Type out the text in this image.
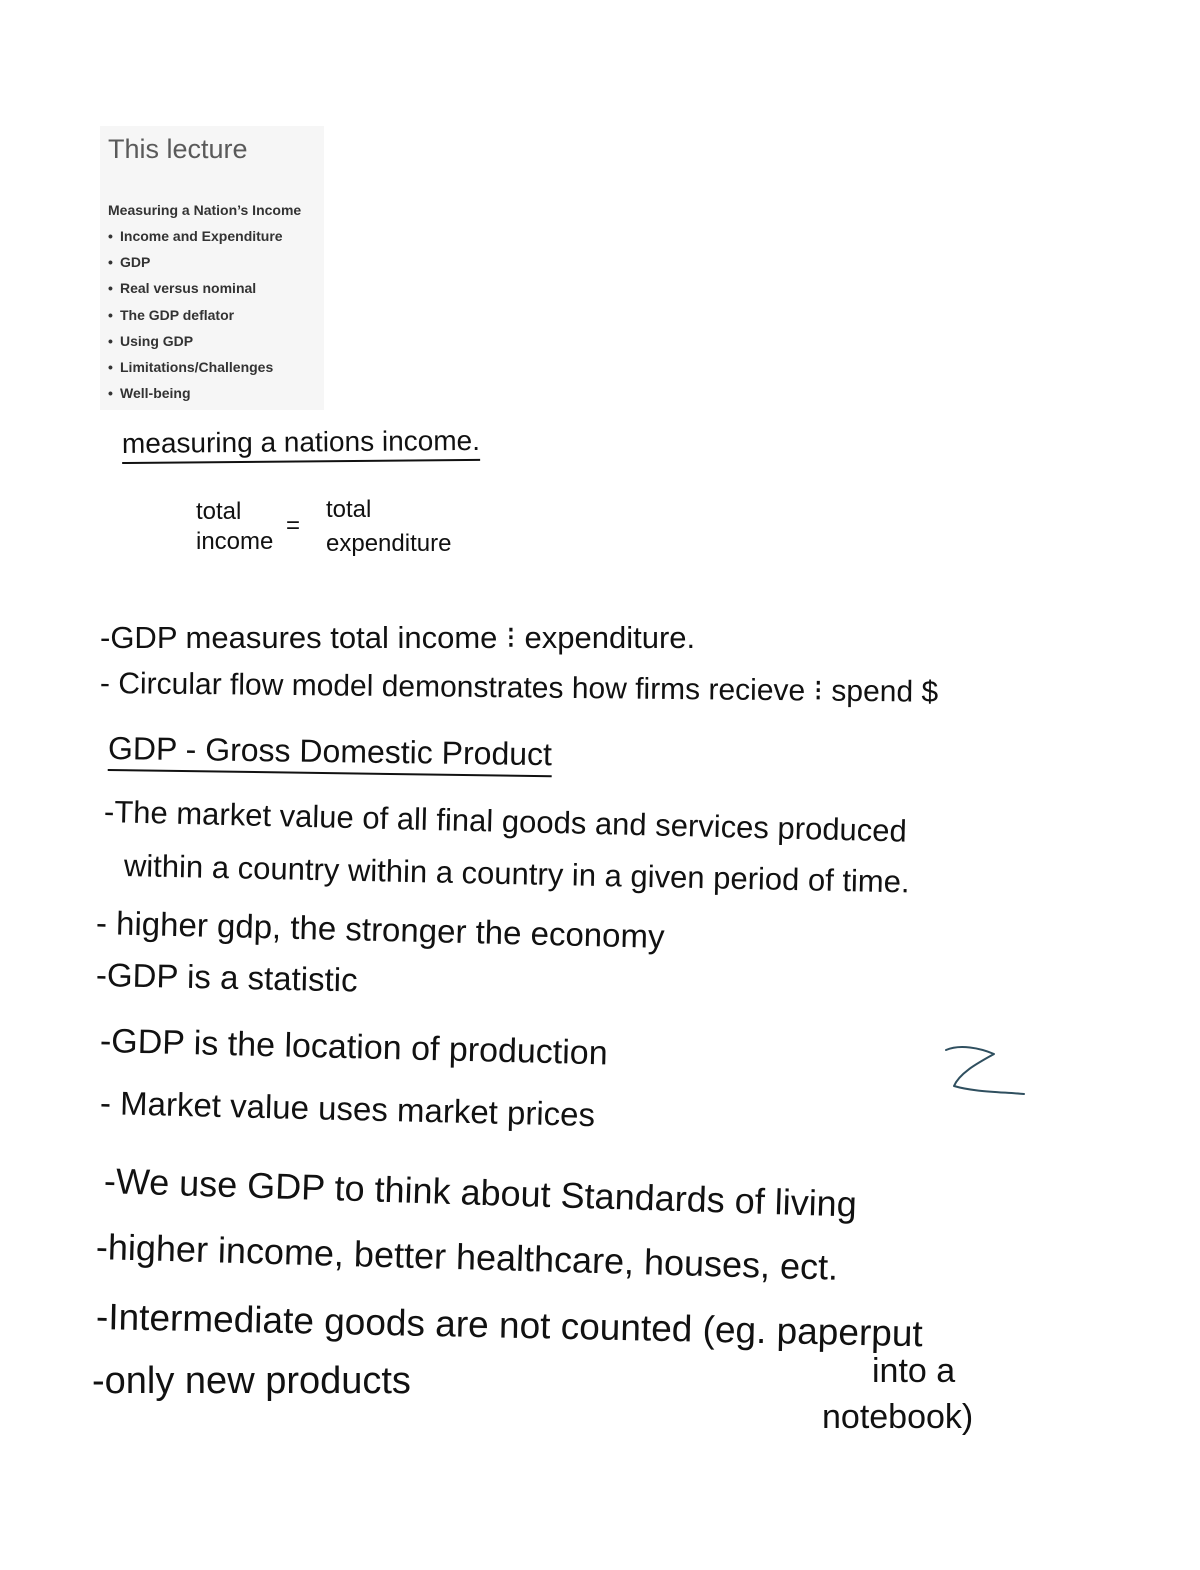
This lecture
Measuring a Nation’s Income
• Income and Expenditure
• GDP
• Real versus nominal
• The GDP deflator
• Using GDP
• Limitations/Challenges
• Well-being
measuring a nations income.
total
income
=
total
expenditure
-GDP measures total income ⁝ expenditure.
- Circular flow model demonstrates how firms recieve ⁝ spend $
GDP - Gross Domestic Product
-The market value of all final goods and services produced
within a country within a country in a given period of time.
- higher gdp, the stronger the economy
-GDP is a statistic
-GDP is the location of production
- Market value uses market prices
-We use GDP to think about Standards of living
-higher income, better healthcare, houses, ect.
-Intermediate goods are not counted (eg. paperput
into a
notebook)
-only new products
